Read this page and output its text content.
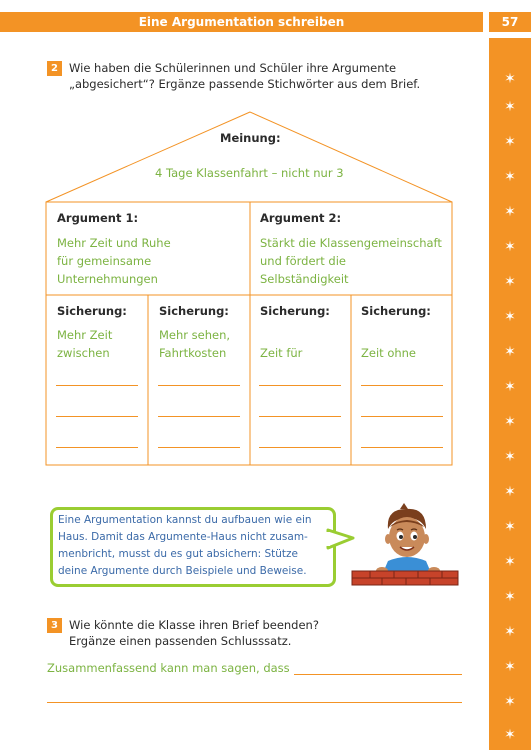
Eine Argumentation schreiben	57
✶
✶
✶
✶
✶
✶
✶
✶
✶
✶
✶
✶
✶
✶
✶
✶
✶
✶
✶
✶
2 Wie haben die Schülerinnen und Schüler ihre Argumente
„abgesichert“? Ergänze passende Stichwörter aus dem Brief.
Meinung:
4 Tage Klassenfahrt – nicht nur 3
Argument 1:
Mehr Zeit und Ruhe
für gemeinsame
Unternehmungen
Argument 2:
Stärkt die Klassengemeinschaft
und fördert die
Selbständigkeit
Sicherung:
Mehr Zeit
zwischen
Sicherung:
Mehr sehen,
Fahrtkosten
Sicherung:
Zeit für
Sicherung:
Zeit ohne
Eine Argumentation kannst du aufbauen wie ein
Haus. Damit das Argumente-Haus nicht zusam-
menbricht, musst du es gut absichern: Stütze
deine Argumente durch Beispiele und Beweise.
3 Wie könnte die Klasse ihren Brief beenden?
Ergänze einen passenden Schlusssatz.
Zusammenfassend kann man sagen, dass
